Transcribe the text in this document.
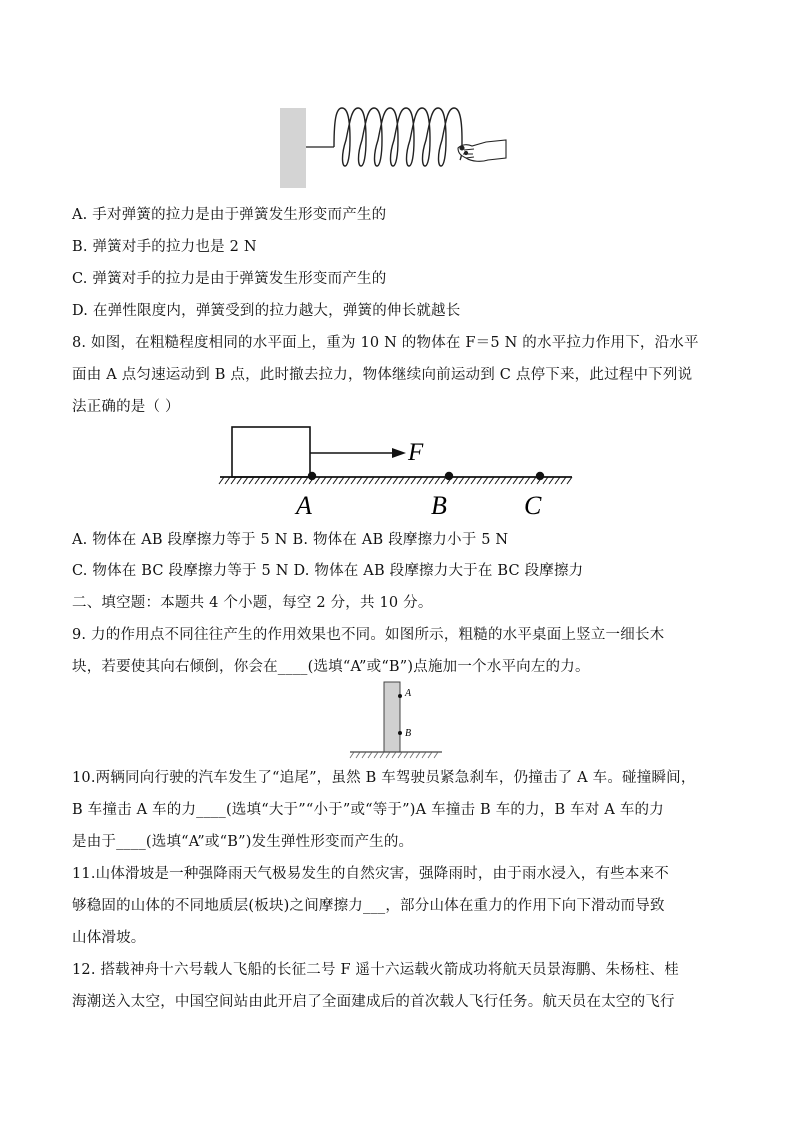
A. 手对弹簧的拉力是由于弹簧发生形变而产生的
B. 弹簧对手的拉力也是 2 N
C. 弹簧对手的拉力是由于弹簧发生形变而产生的
D. 在弹性限度内，弹簧受到的拉力越大，弹簧的伸长就越长
8. 如图，在粗糙程度相同的水平面上，重为 10 N 的物体在 F＝5 N 的水平拉力作用下，沿水平
面由 A 点匀速运动到 B 点，此时撤去拉力，物体继续向前运动到 C 点停下来，此过程中下列说
法正确的是（ ）
F
A	B	C
A. 物体在 AB 段摩擦力等于 5 N B. 物体在 AB 段摩擦力小于 5 N
C. 物体在 BC 段摩擦力等于 5 N D. 物体在 AB 段摩擦力大于在 BC 段摩擦力
二、填空题：本题共 4 个小题，每空 2 分，共 10 分。
9. 力的作用点不同往往产生的作用效果也不同。如图所示，粗糙的水平桌面上竖立一细长木
块，若要使其向右倾倒，你会在____(选填“A”或“B”)点施加一个水平向左的力。
A
B
10.两辆同向行驶的汽车发生了“追尾”，虽然 B 车驾驶员紧急刹车，仍撞击了 A 车。碰撞瞬间，
B 车撞击 A 车的力____(选填“大于”“小于”或“等于”)A 车撞击 B 车的力，B 车对 A 车的力
是由于____(选填“A”或“B”)发生弹性形变而产生的。
11.山体滑坡是一种强降雨天气极易发生的自然灾害，强降雨时，由于雨水浸入，有些本来不
够稳固的山体的不同地质层(板块)之间摩擦力___，部分山体在重力的作用下向下滑动而导致
山体滑坡。
12. 搭载神舟十六号载人飞船的长征二号 F 遥十六运载火箭成功将航天员景海鹏、朱杨柱、桂
海潮送入太空，中国空间站由此开启了全面建成后的首次载人飞行任务。航天员在太空的飞行
